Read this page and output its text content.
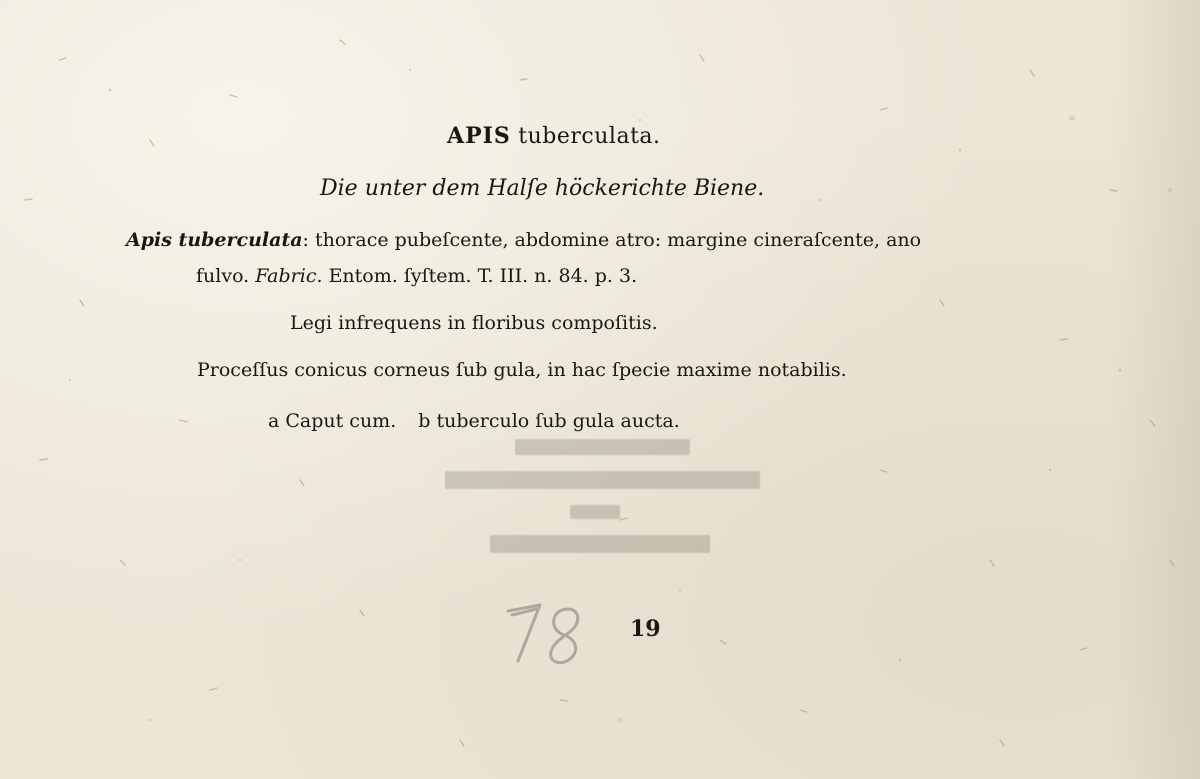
APIS tuberculata.
Die unter dem Halſe höckerichte Biene.
Apis tuberculata: thorace pubeſcente, abdomine atro: margine cineraſcente, ano
fulvo. Fabric. Entom. ſyſtem. T. III. n. 84. p. 3.
Legi infrequens in floribus compoſitis.
Proceſſus conicus corneus ſub gula, in hac ſpecie maxime notabilis.
a Caput cum. b tuberculo ſub gula aucta.
19
